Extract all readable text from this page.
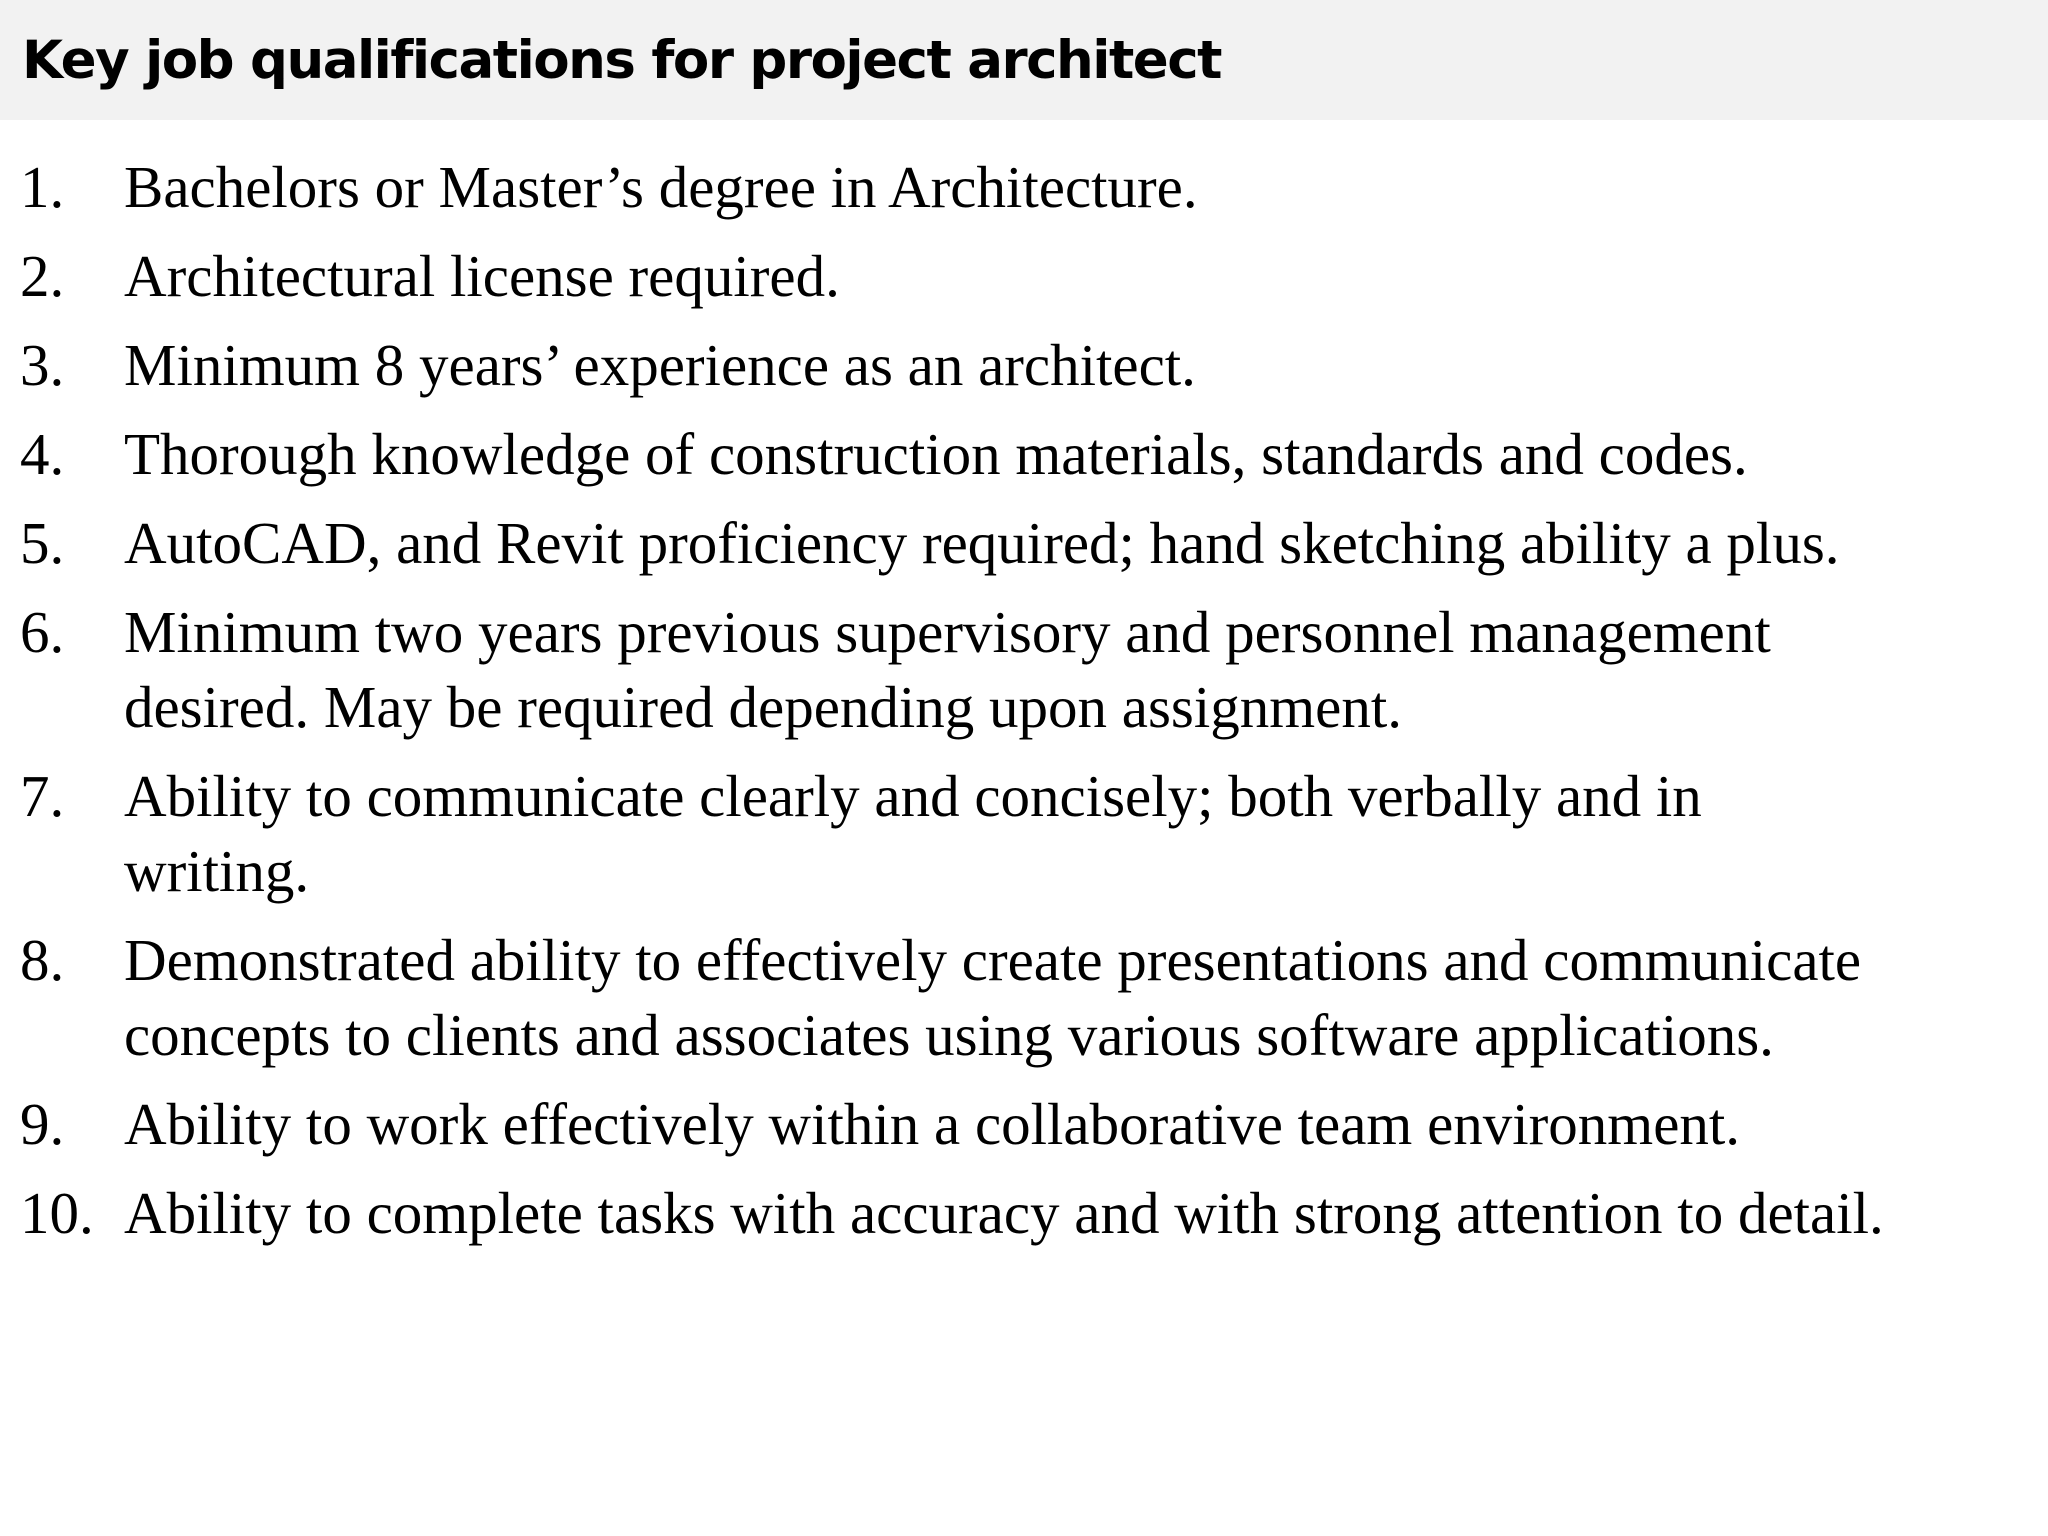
Key job qualifications for project architect
1.	Bachelors or Master’s degree in Architecture.
2.	Architectural license required.
3.	Minimum 8 years’ experience as an architect.
4.	Thorough knowledge of construction materials, standards and codes.
5.	AutoCAD, and Revit proficiency required; hand sketching ability a plus.
6.	Minimum two years previous supervisory and personnel management
desired. May be required depending upon assignment.
7.	Ability to communicate clearly and concisely; both verbally and in
writing.
8.	Demonstrated ability to effectively create presentations and communicate
concepts to clients and associates using various software applications.
9.	Ability to work effectively within a collaborative team environment.
10. Ability to complete tasks with accuracy and with strong attention to detail.
